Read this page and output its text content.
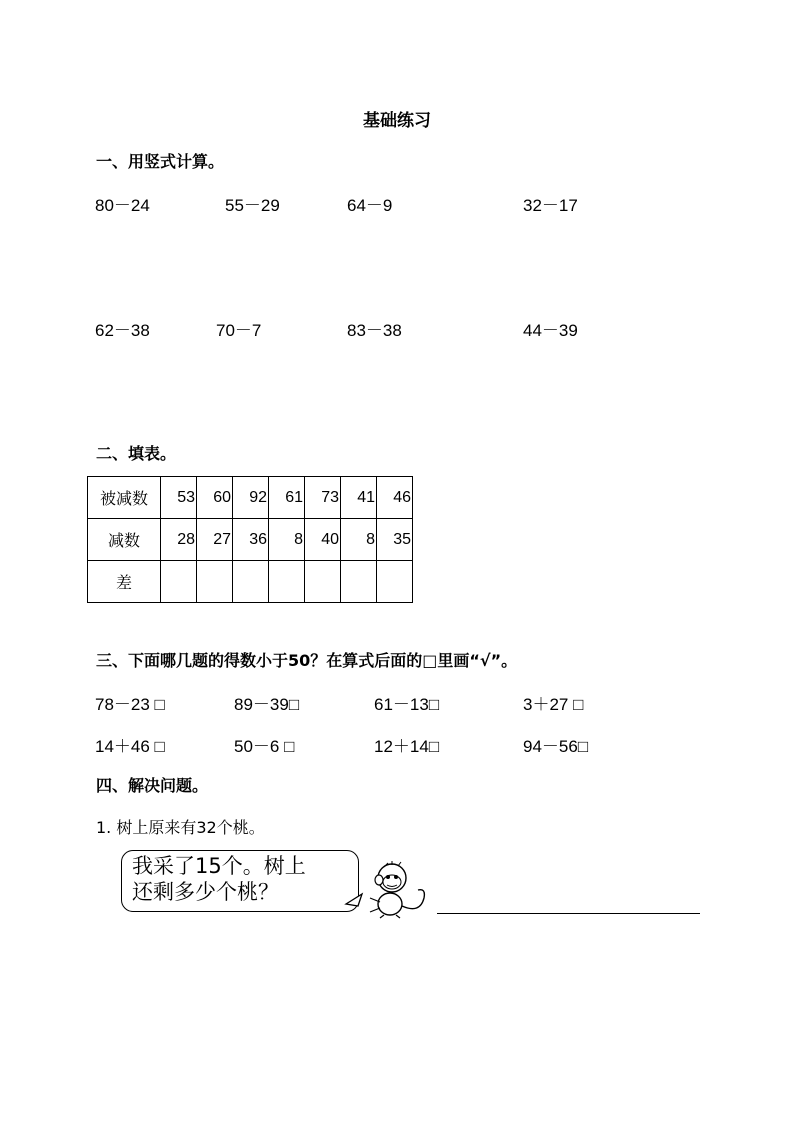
基础练习
一、用竖式计算。
80－24	55－29	64－9	32－17
62－38	70－7	83－38	44－39
二、填表。
被减数	53	60	92	61	73	41	46
减数	28	27	36	8	40	8	35
差							
三、下面哪几题的得数小于50？在算式后面的□里画“√”。
78－23 □	89－39□	61－13□	3＋27 □
14＋46 □	50－6 □	12＋14□	94－56□
四、解决问题。
1. 树上原来有32个桃。
我采了15个。树上
还剩多少个桃？
